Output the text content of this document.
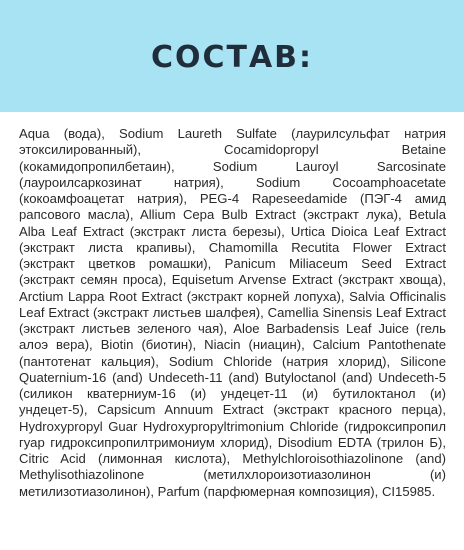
СОСТАВ:

Aqua (вода), Sodium Laureth Sulfate (лаурилсульфат натрия этоксилированный), Cocamidopropyl Betaine (кокамидопропилбетаин), Sodium Lauroyl Sarcosinate (лауроилсаркозинат натрия), Sodium Cocoamphoacetate (кокоамфоацетат натрия), PEG-4 Rapeseedamide (ПЭГ-4 амид рапсового масла), Allium Cepa Bulb Extract (экстракт лука), Betula Alba Leaf Extract (экстракт листа березы), Urtica Dioica Leaf Extract (экстракт листа крапивы), Chamomilla Recutita Flower Extract (экстракт цветков ромашки), Panicum Miliaceum Seed Extract (экстракт семян проса), Equisetum Arvense Extract (экстракт хвоща), Arctium Lappa Root Extract (экстракт корней лопуха), Salvia Officinalis Leaf Extract (экстракт листьев шалфея), Camellia Sinensis Leaf Extract (экстракт листьев зеленого чая), Aloe Barbadensis Leaf Juice (гель алоэ вера), Biotin (биотин), Niacin (ниацин), Calcium Pantothenate (пантотенат кальция), Sodium Chloride (натрия хлорид), Silicone Quaternium-16 (and) Undeceth-11 (and) Butyloctanol (and) Undeceth-5 (силикон кватерниум-16 (и) ундецет-11 (и) бутилоктанол (и) ундецет-5), Capsicum Annuum Extract (экстракт красного перца), Hydroxypropyl Guar Hydroxypropyltrimonium Chloride (гидроксипропил гуар гидроксипропилтримониум хлорид), Disodium EDTA (трилон Б), Citric Acid (лимонная кислота), Methylchloroisothiazolinone (and) Methylisothiazolinone (метилхлороизотиазолинон (и) метилизотиазолинон), Parfum (парфюмерная композиция), CI15985.
